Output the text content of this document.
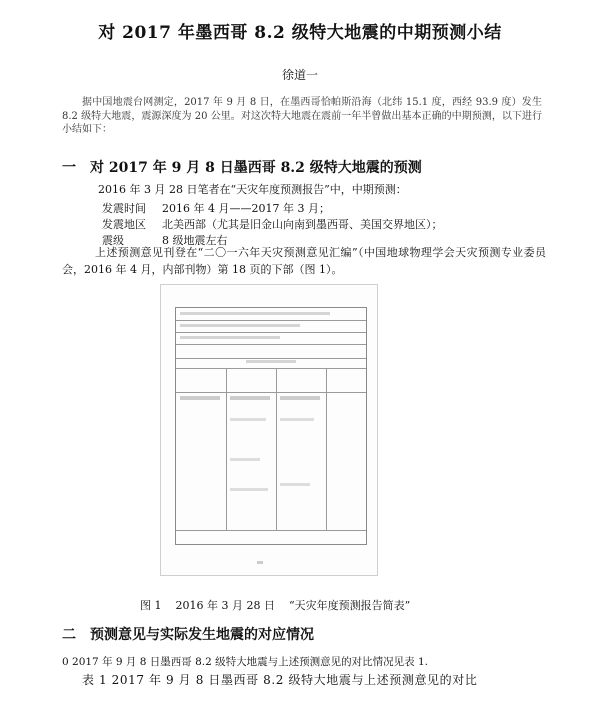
对 2017 年墨西哥 8.2 级特大地震的中期预测小结
徐道一
据中国地震台网测定，2017 年 9 月 8 日，在墨西哥恰帕斯沿海（北纬 15.1 度，西经 93.9 度）发生 8.2 级特大地震，震源深度为 20 公里。对这次特大地震在震前一年半曾做出基本正确的中期预测，以下进行小结如下：
一 对 2017 年 9 月 8 日墨西哥 8.2 级特大地震的预测
2016 年 3 月 28 日笔者在“天灾年度预测报告”中，中期预测：
发震时间 2016 年 4 月——2017 年 3 月；
发震地区 北美西部（尤其是旧金山向南到墨西哥、美国交界地区）；
震级	8 级地震左右
上述预测意见刊登在“二〇一六年天灾预测意见汇编”（中国地球物理学会天灾预测专业委员会，2016 年 4 月，内部刊物）第 18 页的下部（图 1）。
图 1 2016 年 3 月 28 日 “天灾年度预测报告简表”
二 预测意见与实际发生地震的对应情况
0 2017 年 9 月 8 日墨西哥 8.2 级特大地震与上述预测意见的对比情况见表 1.
表 1 2017 年 9 月 8 日墨西哥 8.2 级特大地震与上述预测意见的对比
